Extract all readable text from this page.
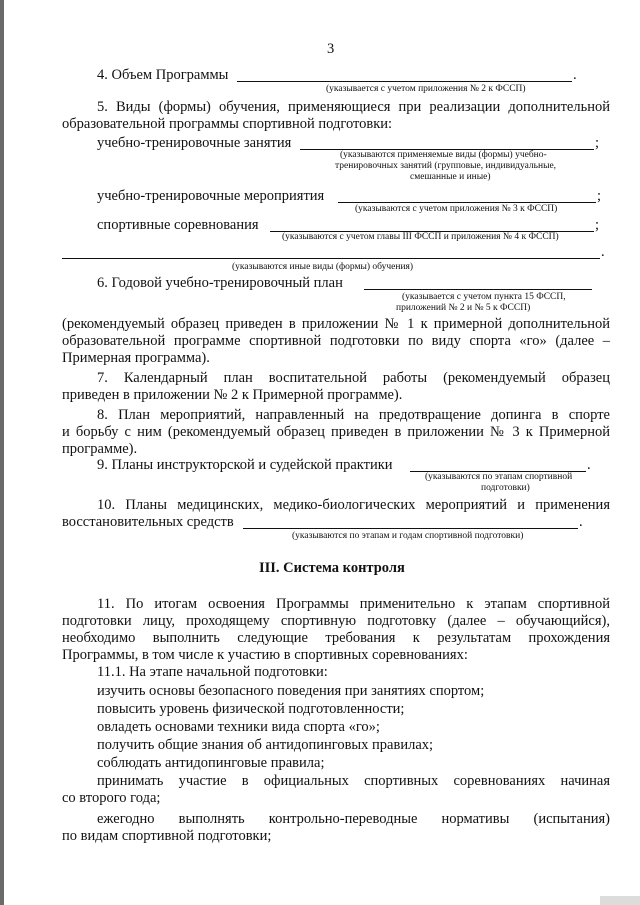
3
4. Объем Программы	.
(указывается с учетом приложения № 2 к ФССП)
5. Виды (формы) обучения, применяющиеся при реализации дополнительной
образовательной программы спортивной подготовки:
учебно-тренировочные занятия	;
(указываются применяемые виды (формы) учебно-
тренировочных занятий (групповые, индивидуальные,
смешанные и иные)
учебно-тренировочные мероприятия	;
(указываются с учетом приложения № 3 к ФССП)
спортивные соревнования	;
(указываются с учетом главы III ФССП и приложения № 4 к ФССП)
.
(указываются иные виды (формы) обучения)
6. Годовой учебно-тренировочный план
(указывается с учетом пункта 15 ФССП,
приложений № 2 и № 5 к ФССП)
(рекомендуемый образец приведен в приложении № 1 к примерной дополнительной
образовательной программе спортивной подготовки по виду спорта «го» (далее –
Примерная программа).
7. Календарный план воспитательной работы (рекомендуемый образец
приведен в приложении № 2 к Примерной программе).
8. План мероприятий, направленный на предотвращение допинга в спорте
и борьбу с ним (рекомендуемый образец приведен в приложении № 3 к Примерной
программе).
9. Планы инструкторской и судейской практики	.
(указываются по этапам спортивной
подготовки)
10. Планы медицинских, медико-биологических мероприятий и применения
восстановительных средств	.
(указываются по этапам и годам спортивной подготовки)
III. Система контроля
11. По итогам освоения Программы применительно к этапам спортивной
подготовки лицу, проходящему спортивную подготовку (далее – обучающийся),
необходимо выполнить следующие требования к результатам прохождения
Программы, в том числе к участию в спортивных соревнованиях:
11.1. На этапе начальной подготовки:
изучить основы безопасного поведения при занятиях спортом;
повысить уровень физической подготовленности;
овладеть основами техники вида спорта «го»;
получить общие знания об антидопинговых правилах;
соблюдать антидопинговые правила;
принимать участие в официальных спортивных соревнованиях начиная
со второго года;
ежегодно выполнять контрольно-переводные нормативы (испытания)
по видам спортивной подготовки;
